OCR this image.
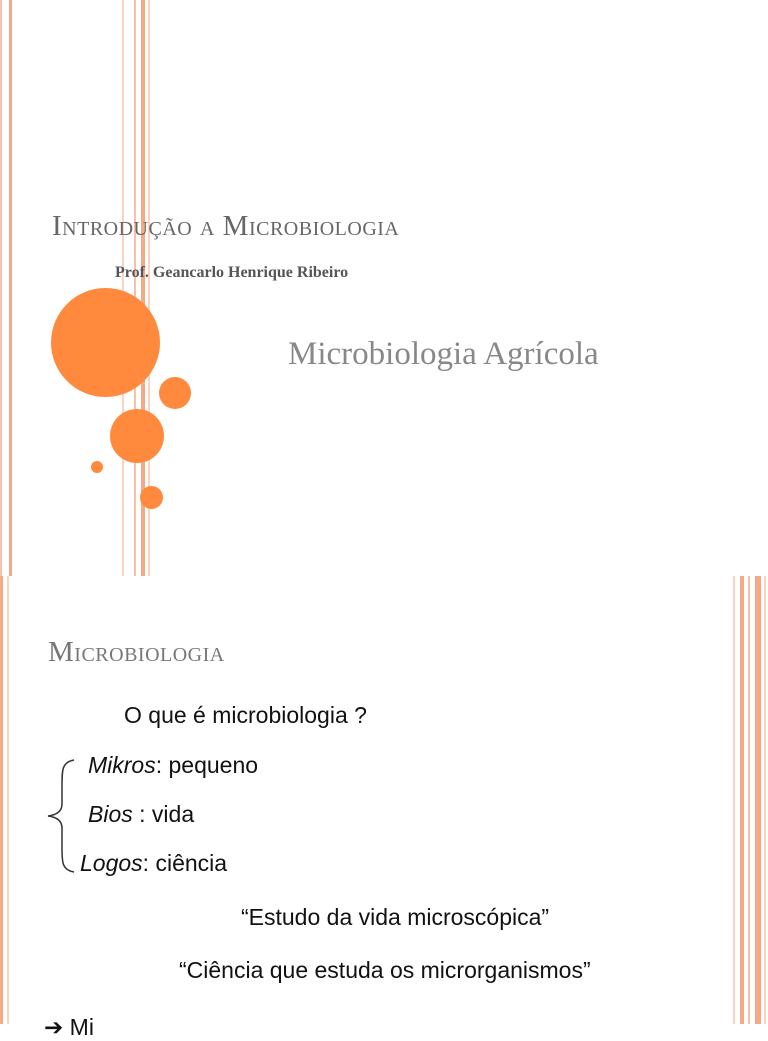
Introdução a Microbiologia
Prof. Geancarlo Henrique Ribeiro
Microbiologia Agrícola
Microbiologia
O que é microbiologia ?
Mikros: pequeno
Bios : vida
Logos: ciência
“Estudo da vida microscópica”
“Ciência que estuda os microrganismos”
➔ Mi
